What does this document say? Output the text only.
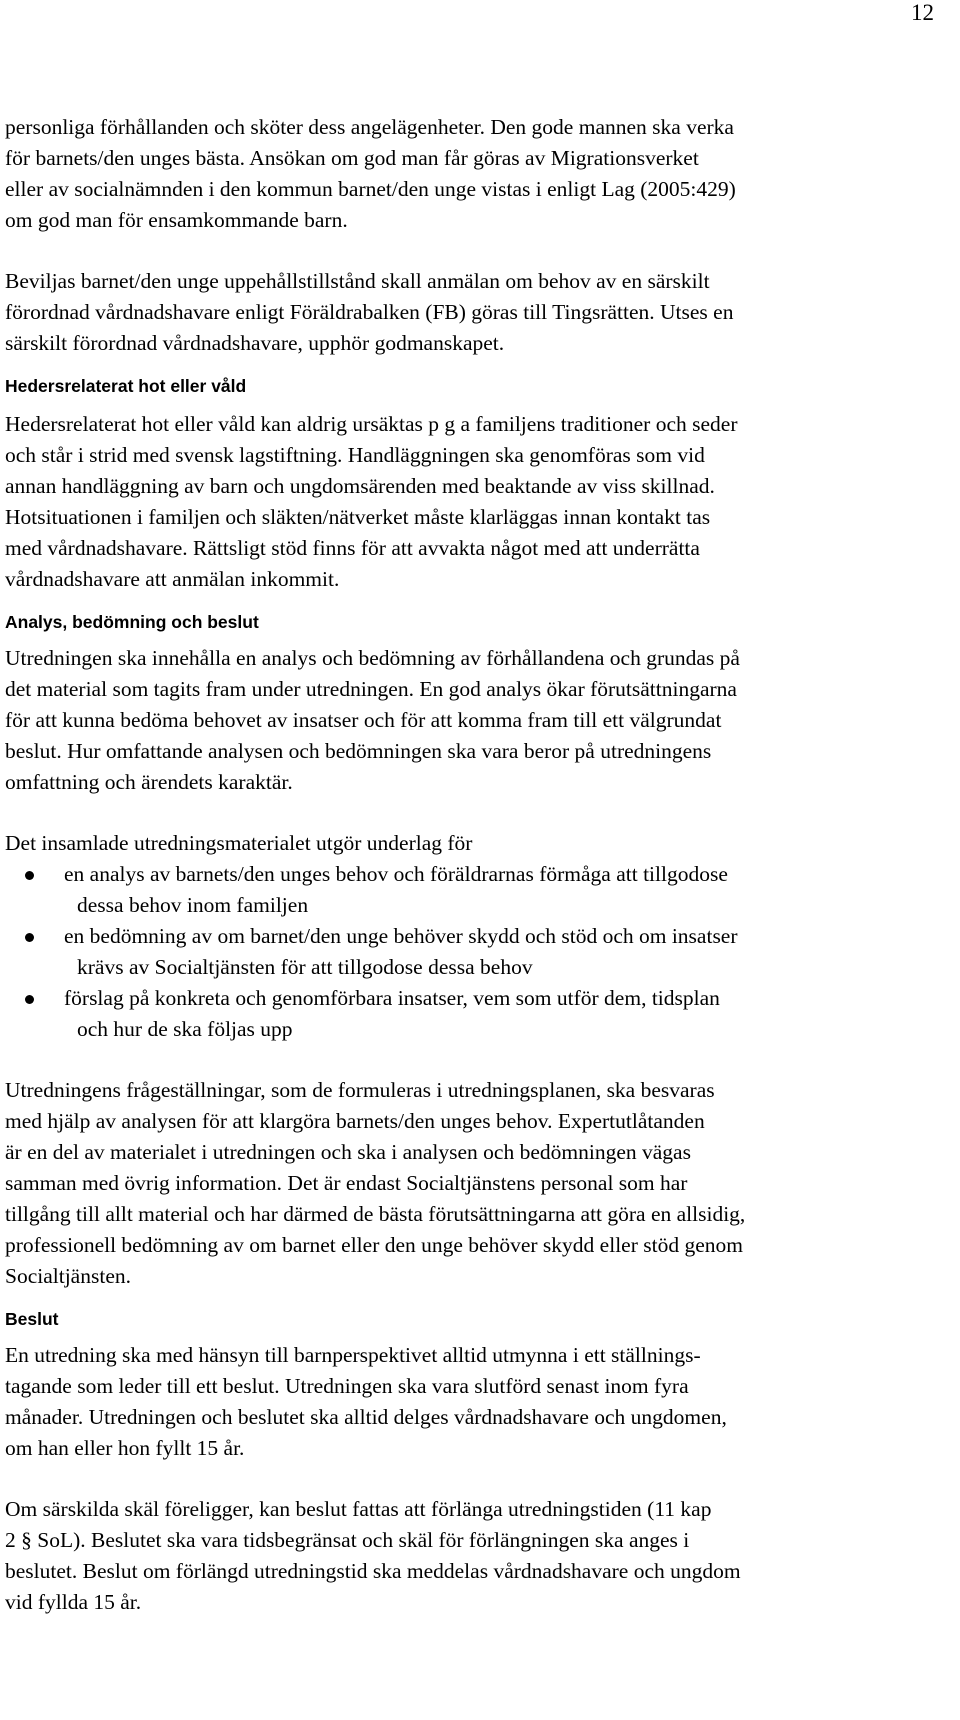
12

personliga förhållanden och sköter dess angelägenheter. Den gode mannen ska verka
för barnets/den unges bästa. Ansökan om god man får göras av Migrationsverket
eller av socialnämnden i den kommun barnet/den unge vistas i enligt Lag (2005:429)
om god man för ensamkommande barn.

Beviljas barnet/den unge uppehållstillstånd skall anmälan om behov av en särskilt
förordnad vårdnadshavare enligt Föräldrabalken (FB) göras till Tingsrätten. Utses en
särskilt förordnad vårdnadshavare, upphör godmanskapet.

Hedersrelaterat hot eller våld

Hedersrelaterat hot eller våld kan aldrig ursäktas p g a familjens traditioner och seder
och står i strid med svensk lagstiftning. Handläggningen ska genomföras som vid
annan handläggning av barn och ungdomsärenden med beaktande av viss skillnad.
Hotsituationen i familjen och släkten/nätverket måste klarläggas innan kontakt tas
med vårdnadshavare. Rättsligt stöd finns för att avvakta något med att underrätta
vårdnadshavare att anmälan inkommit.

Analys, bedömning och beslut

Utredningen ska innehålla en analys och bedömning av förhållandena och grundas på
det material som tagits fram under utredningen. En god analys ökar förutsättningarna
för att kunna bedöma behovet av insatser och för att komma fram till ett välgrundat
beslut. Hur omfattande analysen och bedömningen ska vara beror på utredningens
omfattning och ärendets karaktär.

Det insamlade utredningsmaterialet utgör underlag för

en analys av barnets/den unges behov och föräldrarnas förmåga att tillgodose
dessa behov inom familjen
en bedömning av om barnet/den unge behöver skydd och stöd och om insatser
krävs av Socialtjänsten för att tillgodose dessa behov
förslag på konkreta och genomförbara insatser, vem som utför dem, tidsplan
och hur de ska följas upp

Utredningens frågeställningar, som de formuleras i utredningsplanen, ska besvaras
med hjälp av analysen för att klargöra barnets/den unges behov. Expertutlåtanden
är en del av materialet i utredningen och ska i analysen och bedömningen vägas
samman med övrig information. Det är endast Socialtjänstens personal som har
tillgång till allt material och har därmed de bästa förutsättningarna att göra en allsidig,
professionell bedömning av om barnet eller den unge behöver skydd eller stöd genom
Socialtjänsten.

Beslut

En utredning ska med hänsyn till barnperspektivet alltid utmynna i ett ställnings-
tagande som leder till ett beslut. Utredningen ska vara slutförd senast inom fyra
månader. Utredningen och beslutet ska alltid delges vårdnadshavare och ungdomen,
om han eller hon fyllt 15 år.

Om särskilda skäl föreligger, kan beslut fattas att förlänga utredningstiden (11 kap
2 § SoL). Beslutet ska vara tidsbegränsat och skäl för förlängningen ska anges i
beslutet. Beslut om förlängd utredningstid ska meddelas vårdnadshavare och ungdom
vid fyllda 15 år.
